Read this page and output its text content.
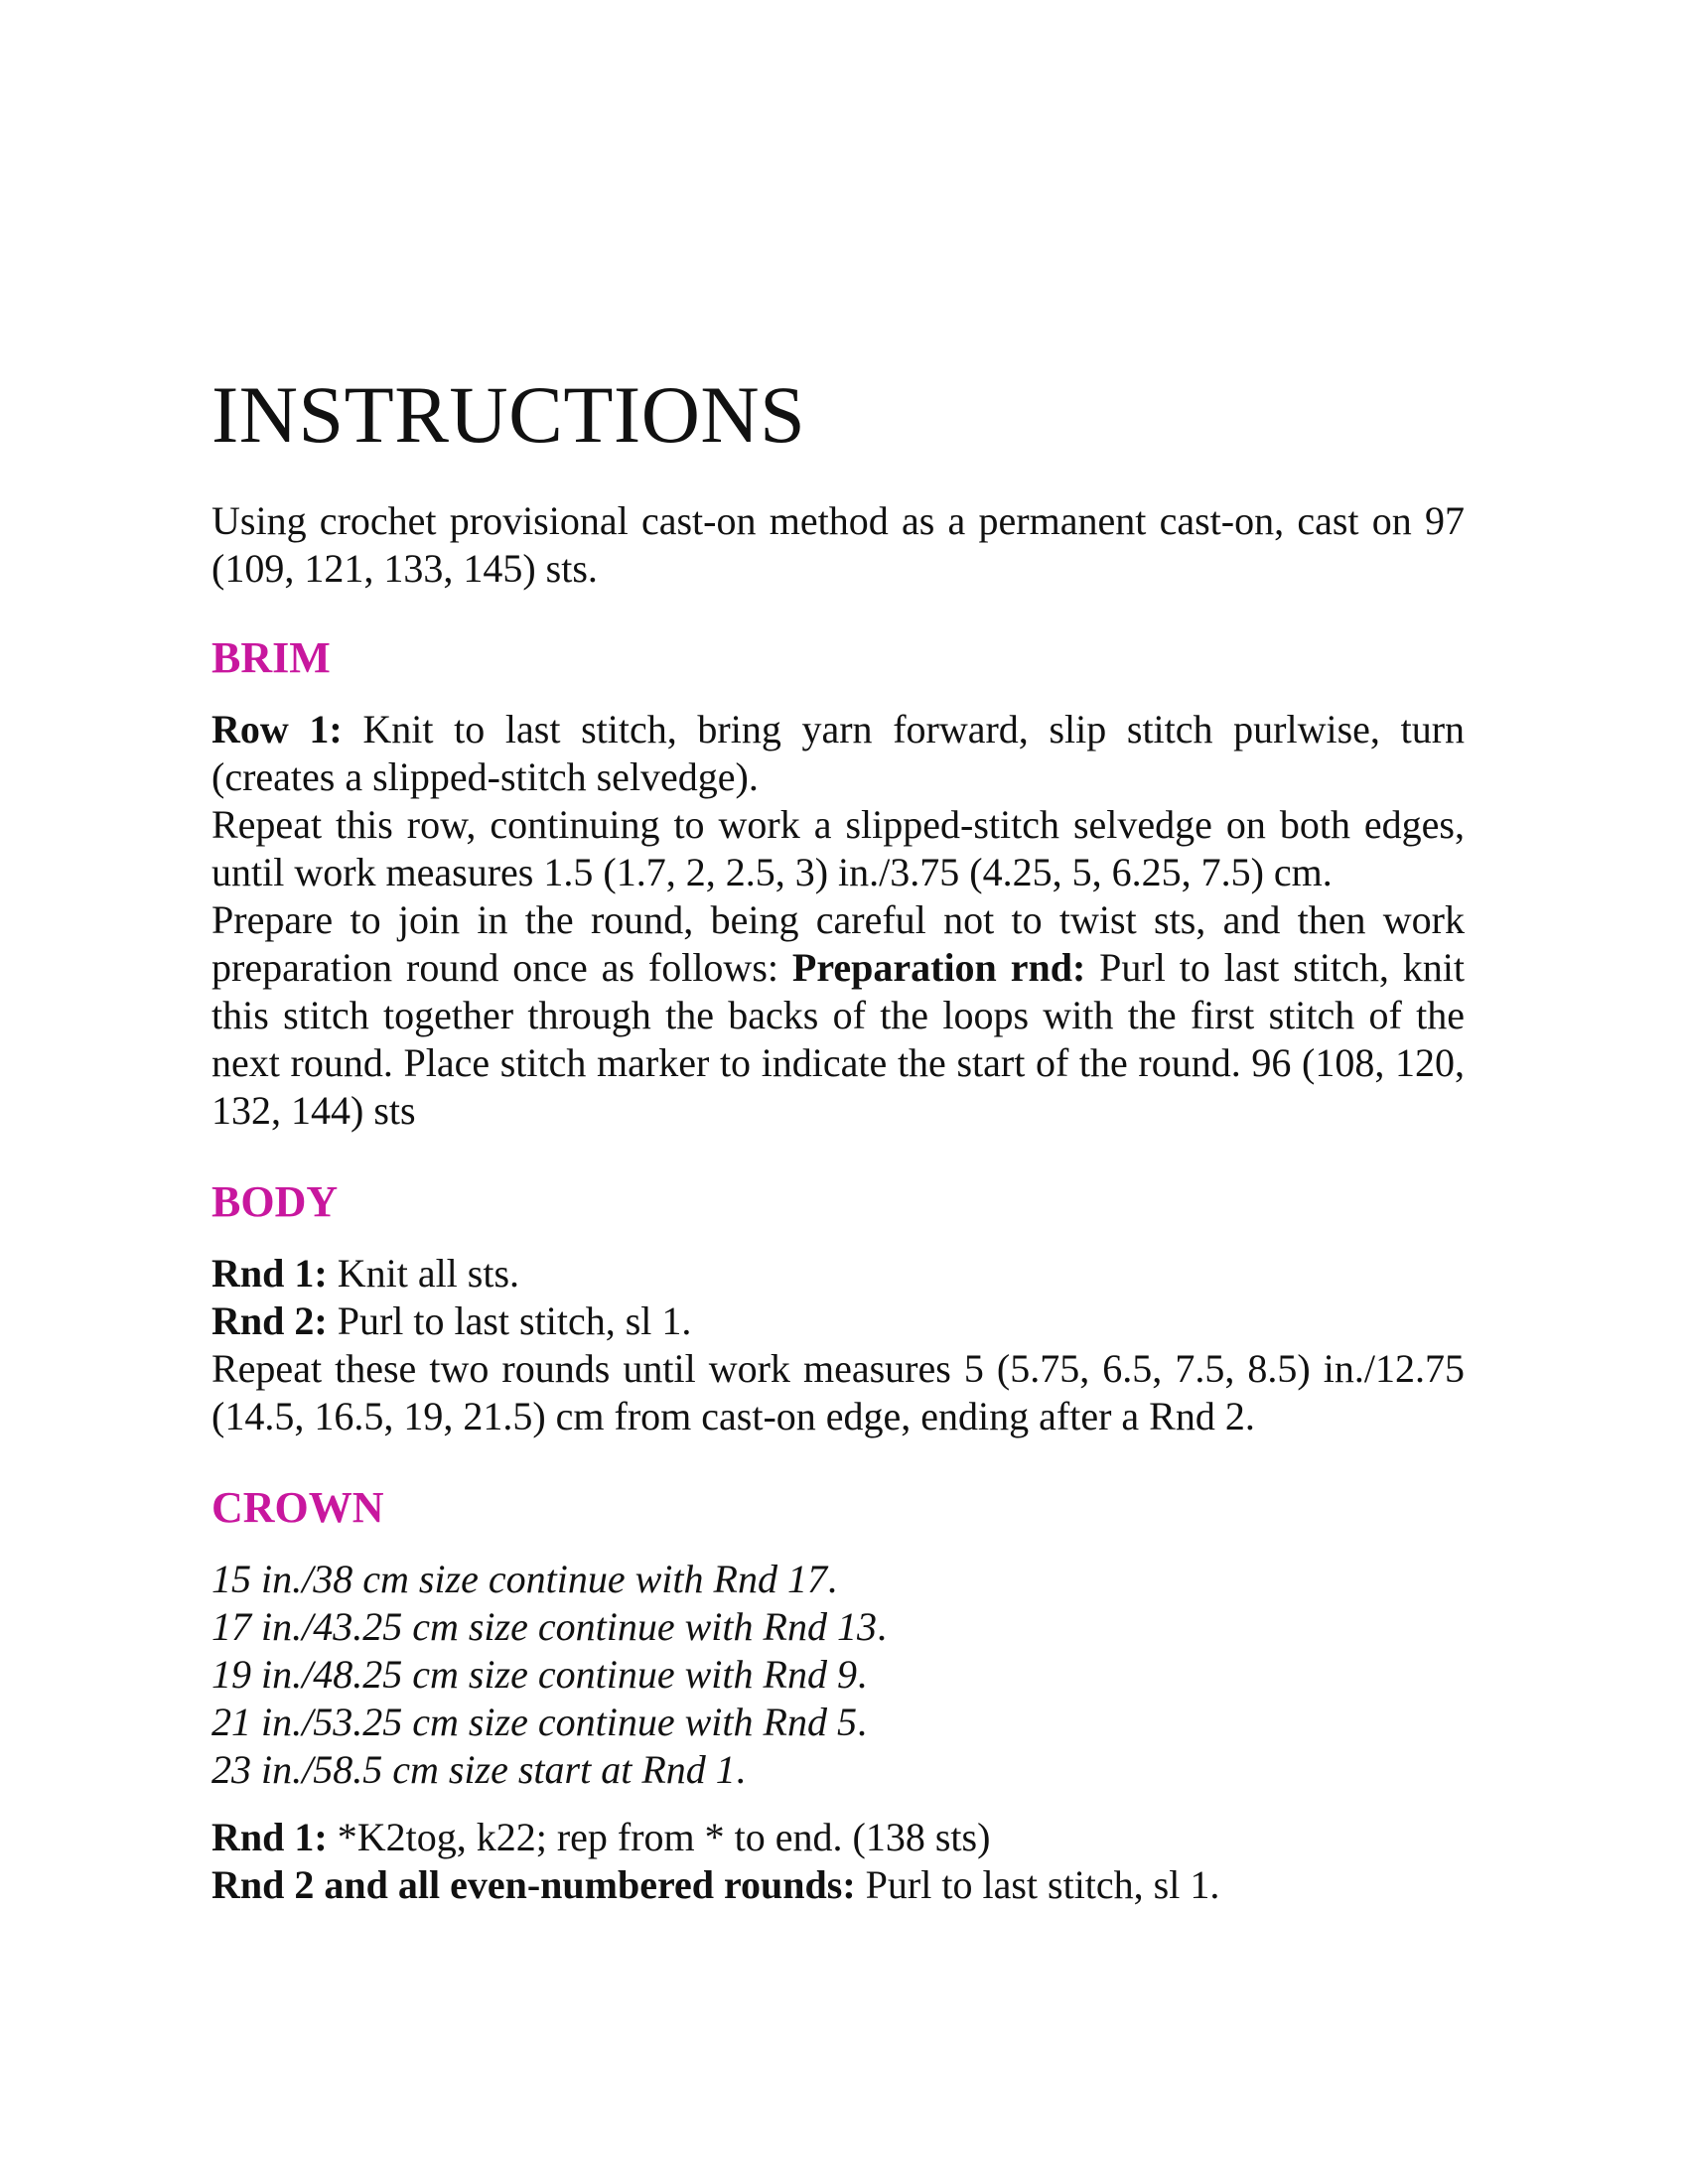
INSTRUCTIONS

Using crochet provisional cast-on method as a permanent cast-on, cast on 97 (109, 121, 133, 145) sts.

BRIM

Row 1: Knit to last stitch, bring yarn forward, slip stitch purlwise, turn (creates a slipped-stitch selvedge).

Repeat this row, continuing to work a slipped-stitch selvedge on both edges, until work measures 1.5 (1.7, 2, 2.5, 3) in./3.75 (4.25, 5, 6.25, 7.5) cm.

Prepare to join in the round, being careful not to twist sts, and then work preparation round once as follows: Preparation rnd: Purl to last stitch, knit this stitch together through the backs of the loops with the first stitch of the next round. Place stitch marker to indicate the start of the round. 96 (108, 120, 132, 144) sts

BODY

Rnd 1: Knit all sts.

Rnd 2: Purl to last stitch, sl 1.

Repeat these two rounds until work measures 5 (5.75, 6.5, 7.5, 8.5) in./12.75 (14.5, 16.5, 19, 21.5) cm from cast-on edge, ending after a Rnd 2.

CROWN

15 in./38 cm size continue with Rnd 17.

17 in./43.25 cm size continue with Rnd 13.

19 in./48.25 cm size continue with Rnd 9.

21 in./53.25 cm size continue with Rnd 5.

23 in./58.5 cm size start at Rnd 1.

Rnd 1: *K2tog, k22; rep from * to end. (138 sts)

Rnd 2 and all even-numbered rounds: Purl to last stitch, sl 1.
